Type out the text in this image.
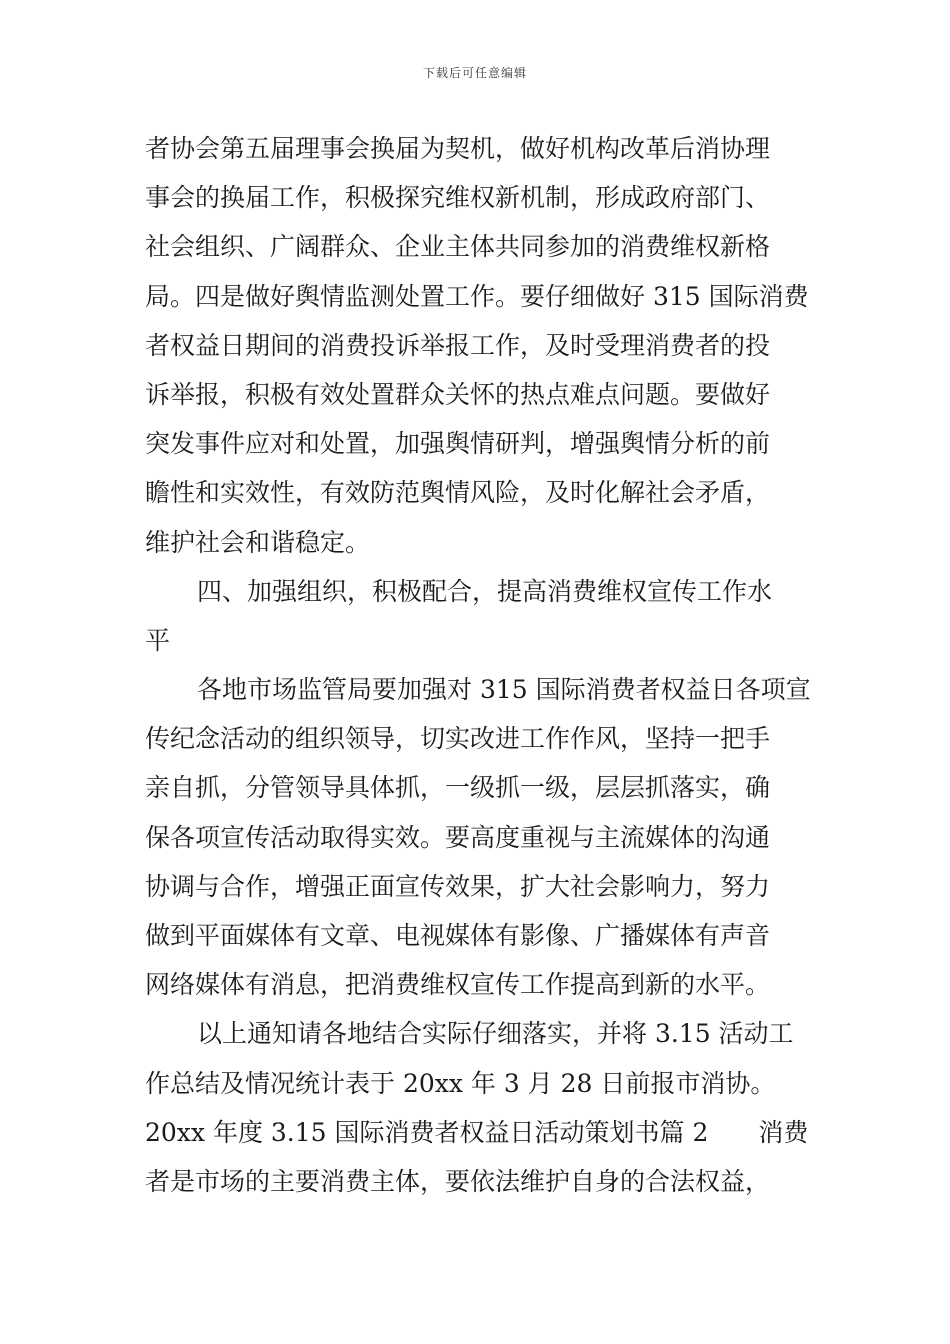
下载后可任意编辑
者协会第五届理事会换届为契机，做好机构改革后消协理
事会的换届工作，积极探究维权新机制，形成政府部门、
社会组织、广阔群众、企业主体共同参加的消费维权新格
局。四是做好舆情监测处置工作。要仔细做好 315 国际消费
者权益日期间的消费投诉举报工作，及时受理消费者的投
诉举报，积极有效处置群众关怀的热点难点问题。要做好
突发事件应对和处置，加强舆情研判，增强舆情分析的前
瞻性和实效性，有效防范舆情风险，及时化解社会矛盾，
维护社会和谐稳定。
四、加强组织，积极配合，提高消费维权宣传工作水
平
各地市场监管局要加强对 315 国际消费者权益日各项宣
传纪念活动的组织领导，切实改进工作作风，坚持一把手
亲自抓，分管领导具体抓，一级抓一级，层层抓落实，确
保各项宣传活动取得实效。要高度重视与主流媒体的沟通
协调与合作，增强正面宣传效果，扩大社会影响力，努力
做到平面媒体有文章、电视媒体有影像、广播媒体有声音
网络媒体有消息，把消费维权宣传工作提高到新的水平。
以上通知请各地结合实际仔细落实，并将 3.15 活动工
作总结及情况统计表于 20xx 年 3 月 28 日前报市消协。
20xx 年度 3.15 国际消费者权益日活动策划书篇 2　　消费
者是市场的主要消费主体，要依法维护自身的合法权益，
